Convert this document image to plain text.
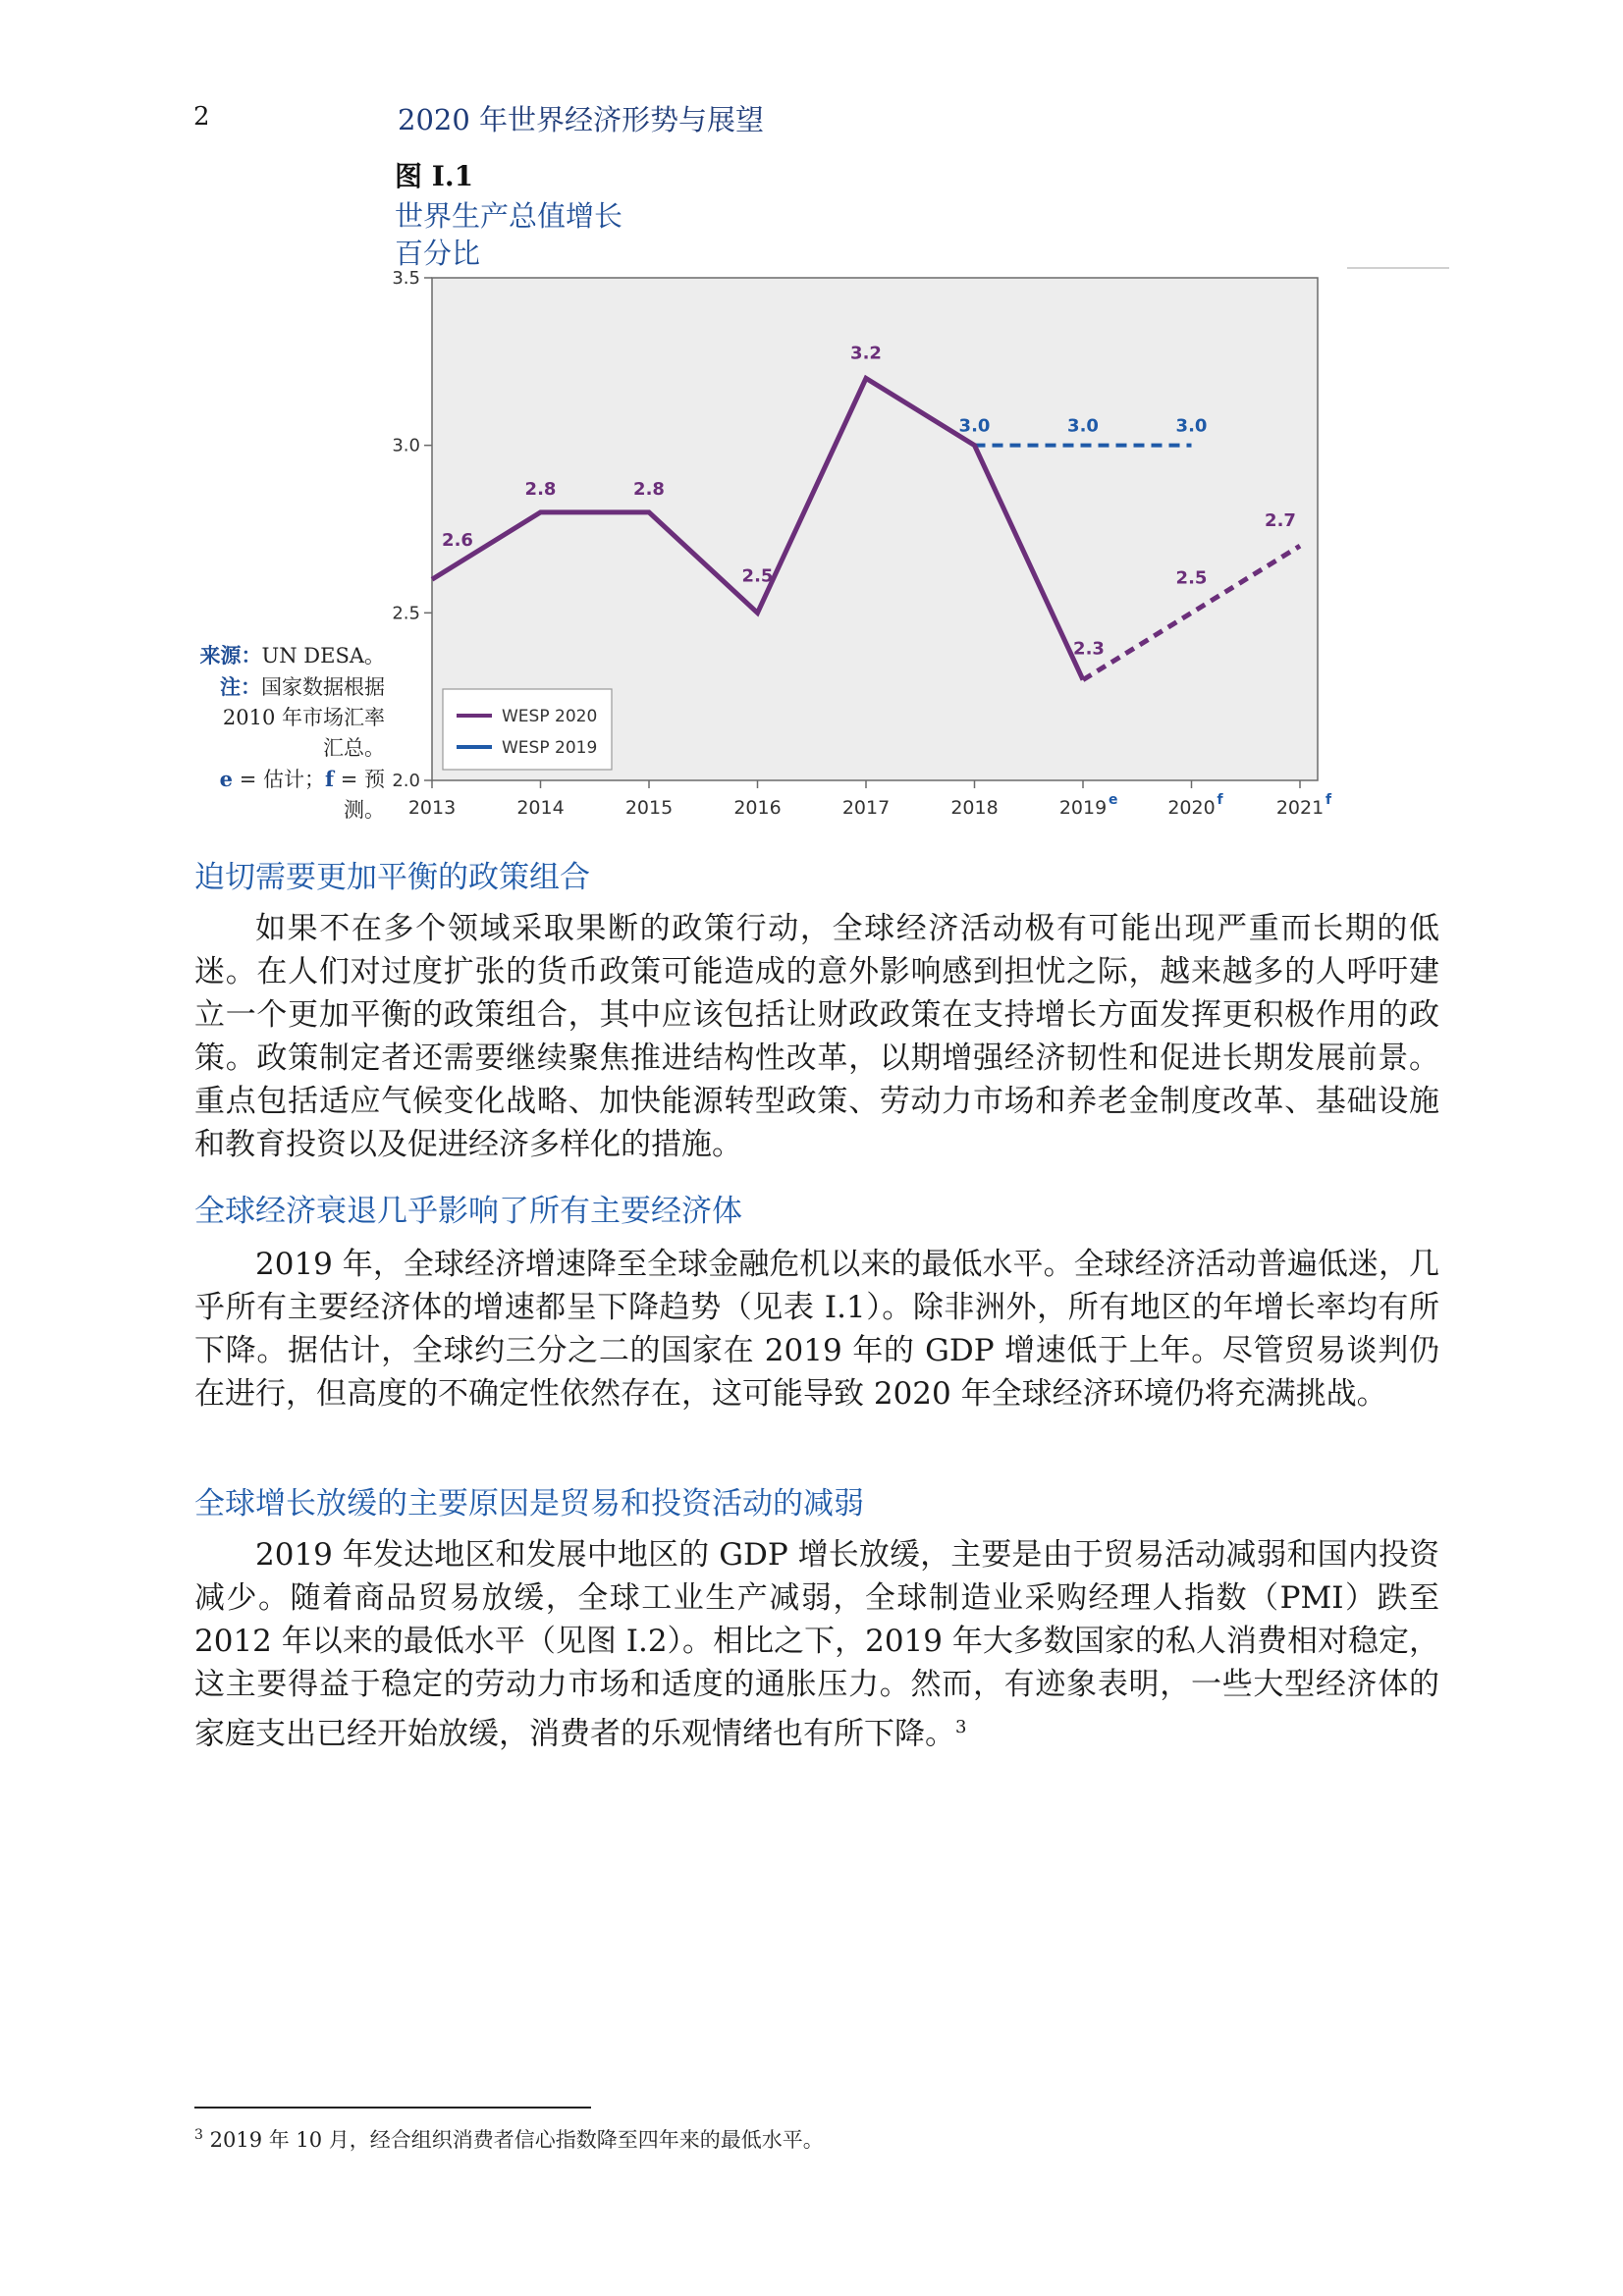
2	2020 年世界经济形势与展望
图 I.1
世界生产总值增长
百分比
来源：UN DESA。
注：国家数据根据
2010 年市场汇率
汇总。
e = 估计；f = 预
测。
2.0
2.5
3.0
3.5
2013	2014	2015	2016	2017	2018	2019 e	2020 f	2021 f
3.0	3.0	3.0
2.6
2.8	2.8
2.5
3.2
2.3
2.5
2.7
WESP 2020
WESP 2019
迫切需要更加平衡的政策组合
如果不在多个领域采取果断的政策行动，全球经济活动极有可能出现严重而长期的低迷。在人们对过度扩张的货币政策可能造成的意外影响感到担忧之际，越来越多的人呼吁建立一个更加平衡的政策组合，其中应该包括让财政政策在支持增长方面发挥更积极作用的政策。政策制定者还需要继续聚焦推进结构性改革，以期增强经济韧性和促进长期发展前景。重点包括适应气候变化战略、加快能源转型政策、劳动力市场和养老金制度改革、基础设施和教育投资以及促进经济多样化的措施。
全球经济衰退几乎影响了所有主要经济体
2019 年，全球经济增速降至全球金融危机以来的最低水平。全球经济活动普遍低迷，几乎所有主要经济体的增速都呈下降趋势（见表 I.1）。除非洲外，所有地区的年增长率均有所下降。据估计，全球约三分之二的国家在 2019 年的 GDP 增速低于上年。尽管贸易谈判仍在进行，但高度的不确定性依然存在，这可能导致 2020 年全球经济环境仍将充满挑战。
全球增长放缓的主要原因是贸易和投资活动的减弱
2019 年发达地区和发展中地区的 GDP 增长放缓，主要是由于贸易活动减弱和国内投资减少。随着商品贸易放缓，全球工业生产减弱，全球制造业采购经理人指数（PMI）跌至 2012 年以来的最低水平（见图 I.2）。相比之下，2019 年大多数国家的私人消费相对稳定，这主要得益于稳定的劳动力市场和适度的通胀压力。然而，有迹象表明，一些大型经济体的家庭支出已经开始放缓，消费者的乐观情绪也有所下降。$^3$
$^3$ 2019 年 10 月，经合组织消费者信心指数降至四年来的最低水平。
